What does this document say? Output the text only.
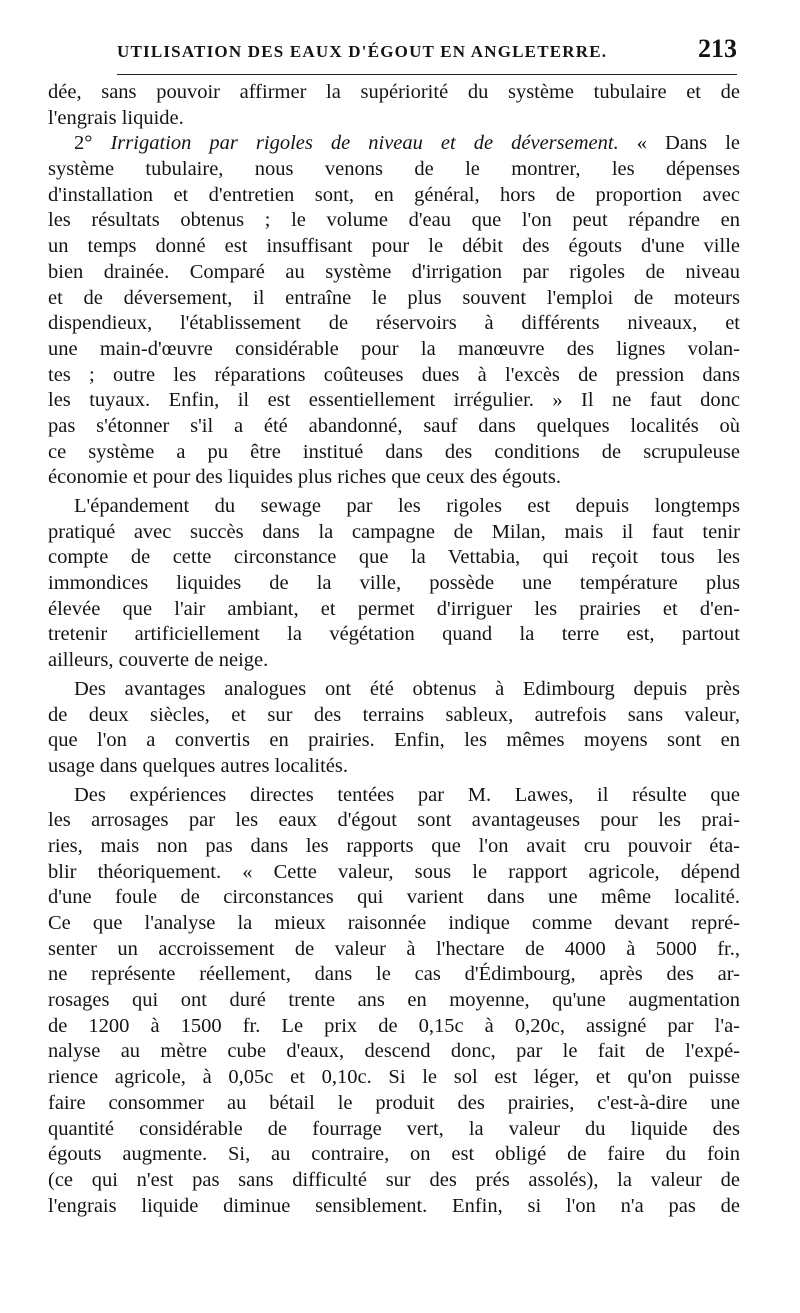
UTILISATION DES EAUX D'ÉGOUT EN ANGLETERRE.	213
dée, sans pouvoir affirmer la supériorité du système tubulaire et de
l'engrais liquide.
2° Irrigation par rigoles de niveau et de déversement. « Dans le
système tubulaire, nous venons de le montrer, les dépenses
d'installation et d'entretien sont, en général, hors de proportion avec
les résultats obtenus ; le volume d'eau que l'on peut répandre en
un temps donné est insuffisant pour le débit des égouts d'une ville
bien drainée. Comparé au système d'irrigation par rigoles de niveau
et de déversement, il entraîne le plus souvent l'emploi de moteurs
dispendieux, l'établissement de réservoirs à différents niveaux, et
une main-d'œuvre considérable pour la manœuvre des lignes volan-
tes ; outre les réparations coûteuses dues à l'excès de pression dans
les tuyaux. Enfin, il est essentiellement irrégulier. » Il ne faut donc
pas s'étonner s'il a été abandonné, sauf dans quelques localités où
ce système a pu être institué dans des conditions de scrupuleuse
économie et pour des liquides plus riches que ceux des égouts.
L'épandement du sewage par les rigoles est depuis longtemps
pratiqué avec succès dans la campagne de Milan, mais il faut tenir
compte de cette circonstance que la Vettabia, qui reçoit tous les
immondices liquides de la ville, possède une température plus
élevée que l'air ambiant, et permet d'irriguer les prairies et d'en-
tretenir artificiellement la végétation quand la terre est, partout
ailleurs, couverte de neige.
Des avantages analogues ont été obtenus à Edimbourg depuis près
de deux siècles, et sur des terrains sableux, autrefois sans valeur,
que l'on a convertis en prairies. Enfin, les mêmes moyens sont en
usage dans quelques autres localités.
Des expériences directes tentées par M. Lawes, il résulte que
les arrosages par les eaux d'égout sont avantageuses pour les prai-
ries, mais non pas dans les rapports que l'on avait cru pouvoir éta-
blir théoriquement. « Cette valeur, sous le rapport agricole, dépend
d'une foule de circonstances qui varient dans une même localité.
Ce que l'analyse la mieux raisonnée indique comme devant repré-
senter un accroissement de valeur à l'hectare de 4000 à 5000 fr.,
ne représente réellement, dans le cas d'Édimbourg, après des ar-
rosages qui ont duré trente ans en moyenne, qu'une augmentation
de 1200 à 1500 fr. Le prix de 0,15c à 0,20c, assigné par l'a-
nalyse au mètre cube d'eaux, descend donc, par le fait de l'expé-
rience agricole, à 0,05c et 0,10c. Si le sol est léger, et qu'on puisse
faire consommer au bétail le produit des prairies, c'est-à-dire une
quantité considérable de fourrage vert, la valeur du liquide des
égouts augmente. Si, au contraire, on est obligé de faire du foin
(ce qui n'est pas sans difficulté sur des prés assolés), la valeur de
l'engrais liquide diminue sensiblement. Enfin, si l'on n'a pas de
